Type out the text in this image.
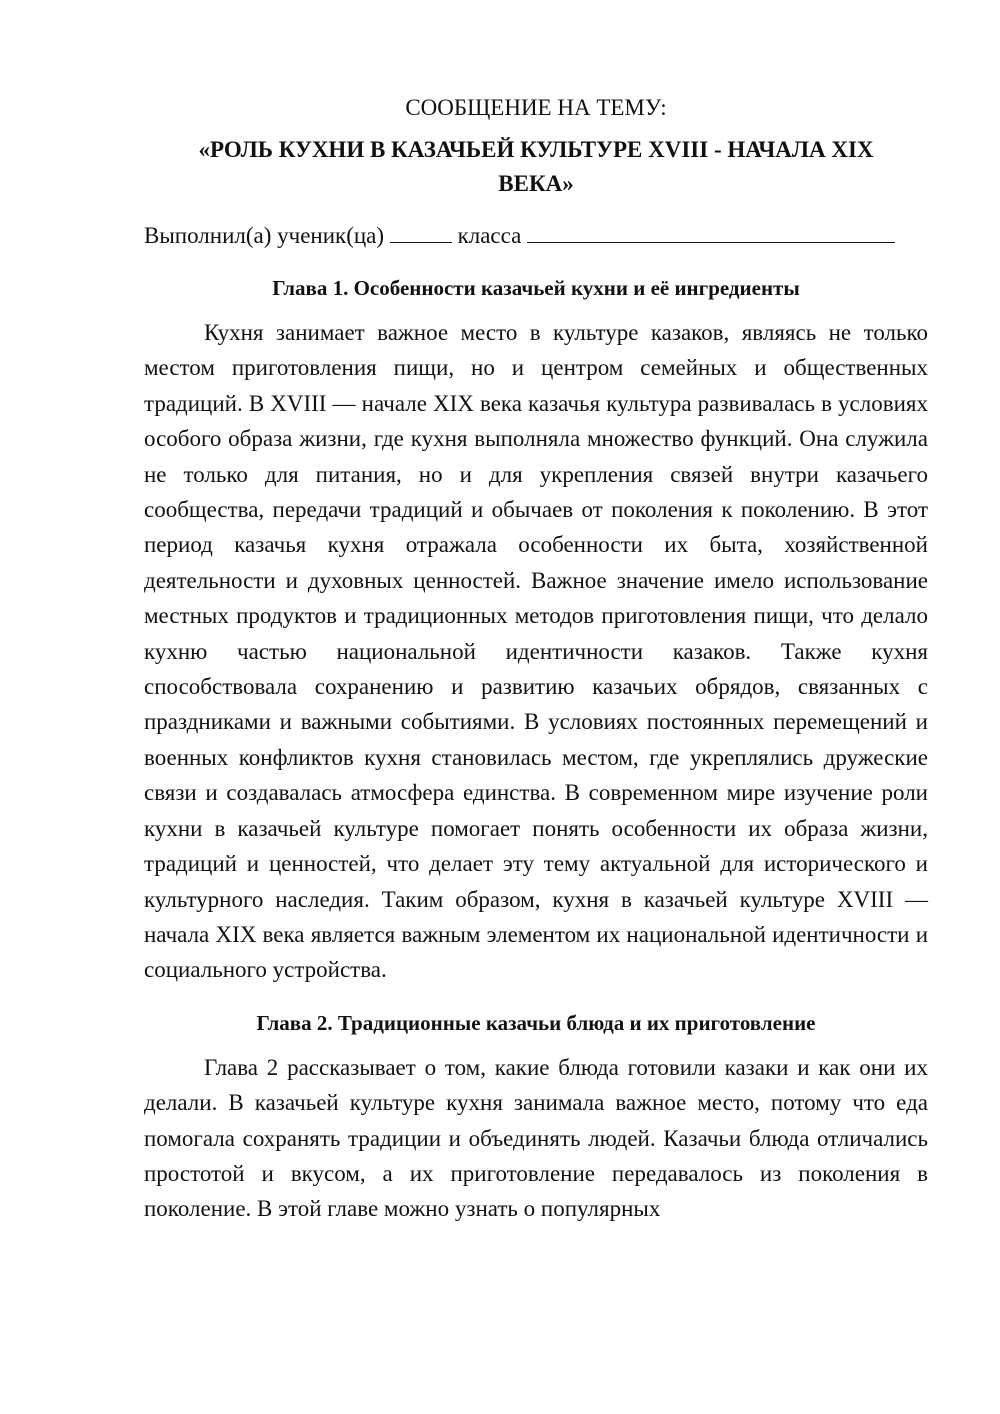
СООБЩЕНИЕ НА ТЕМУ:

«РОЛЬ КУХНИ В КАЗАЧЬЕЙ КУЛЬТУРЕ XVIII - НАЧАЛА XIX ВЕКА»

Выполнил(а) ученик(ца)	класса

Глава 1. Особенности казачьей кухни и её ингредиенты

Кухня занимает важное место в культуре казаков, являясь не только местом приготовления пищи, но и центром семейных и общественных традиций. В XVIII — начале XIX века казачья культура развивалась в условиях особого образа жизни, где кухня выполняла множество функций. Она служила не только для питания, но и для укрепления связей внутри казачьего сообщества, передачи традиций и обычаев от поколения к поколению. В этот период казачья кухня отражала особенности их быта, хозяйственной деятельности и духовных ценностей. Важное значение имело использование местных продуктов и традиционных методов приготовления пищи, что делало кухню частью национальной идентичности казаков. Также кухня способствовала сохранению и развитию казачьих обрядов, связанных с праздниками и важными событиями. В условиях постоянных перемещений и военных конфликтов кухня становилась местом, где укреплялись дружеские связи и создавалась атмосфера единства. В современном мире изучение роли кухни в казачьей культуре помогает понять особенности их образа жизни, традиций и ценностей, что делает эту тему актуальной для исторического и культурного наследия. Таким образом, кухня в казачьей культуре XVIII — начала XIX века является важным элементом их национальной идентичности и социального устройства.

Глава 2. Традиционные казачьи блюда и их приготовление

Глава 2 рассказывает о том, какие блюда готовили казаки и как они их делали. В казачьей культуре кухня занимала важное место, потому что еда помогала сохранять традиции и объединять людей. Казачьи блюда отличались простотой и вкусом, а их приготовление передавалось из поколения в поколение. В этой главе можно узнать о популярных
